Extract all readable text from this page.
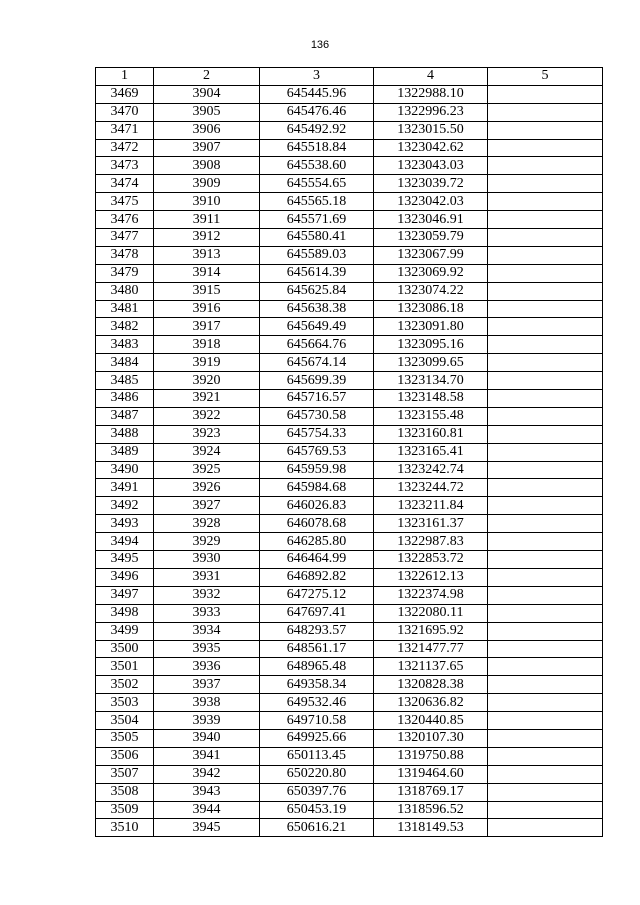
136
1	2	3	4	5
3469	3904	645445.96	1322988.10	
3470	3905	645476.46	1322996.23	
3471	3906	645492.92	1323015.50	
3472	3907	645518.84	1323042.62	
3473	3908	645538.60	1323043.03	
3474	3909	645554.65	1323039.72	
3475	3910	645565.18	1323042.03	
3476	3911	645571.69	1323046.91	
3477	3912	645580.41	1323059.79	
3478	3913	645589.03	1323067.99	
3479	3914	645614.39	1323069.92	
3480	3915	645625.84	1323074.22	
3481	3916	645638.38	1323086.18	
3482	3917	645649.49	1323091.80	
3483	3918	645664.76	1323095.16	
3484	3919	645674.14	1323099.65	
3485	3920	645699.39	1323134.70	
3486	3921	645716.57	1323148.58	
3487	3922	645730.58	1323155.48	
3488	3923	645754.33	1323160.81	
3489	3924	645769.53	1323165.41	
3490	3925	645959.98	1323242.74	
3491	3926	645984.68	1323244.72	
3492	3927	646026.83	1323211.84	
3493	3928	646078.68	1323161.37	
3494	3929	646285.80	1322987.83	
3495	3930	646464.99	1322853.72	
3496	3931	646892.82	1322612.13	
3497	3932	647275.12	1322374.98	
3498	3933	647697.41	1322080.11	
3499	3934	648293.57	1321695.92	
3500	3935	648561.17	1321477.77	
3501	3936	648965.48	1321137.65	
3502	3937	649358.34	1320828.38	
3503	3938	649532.46	1320636.82	
3504	3939	649710.58	1320440.85	
3505	3940	649925.66	1320107.30	
3506	3941	650113.45	1319750.88	
3507	3942	650220.80	1319464.60	
3508	3943	650397.76	1318769.17	
3509	3944	650453.19	1318596.52	
3510	3945	650616.21	1318149.53	
